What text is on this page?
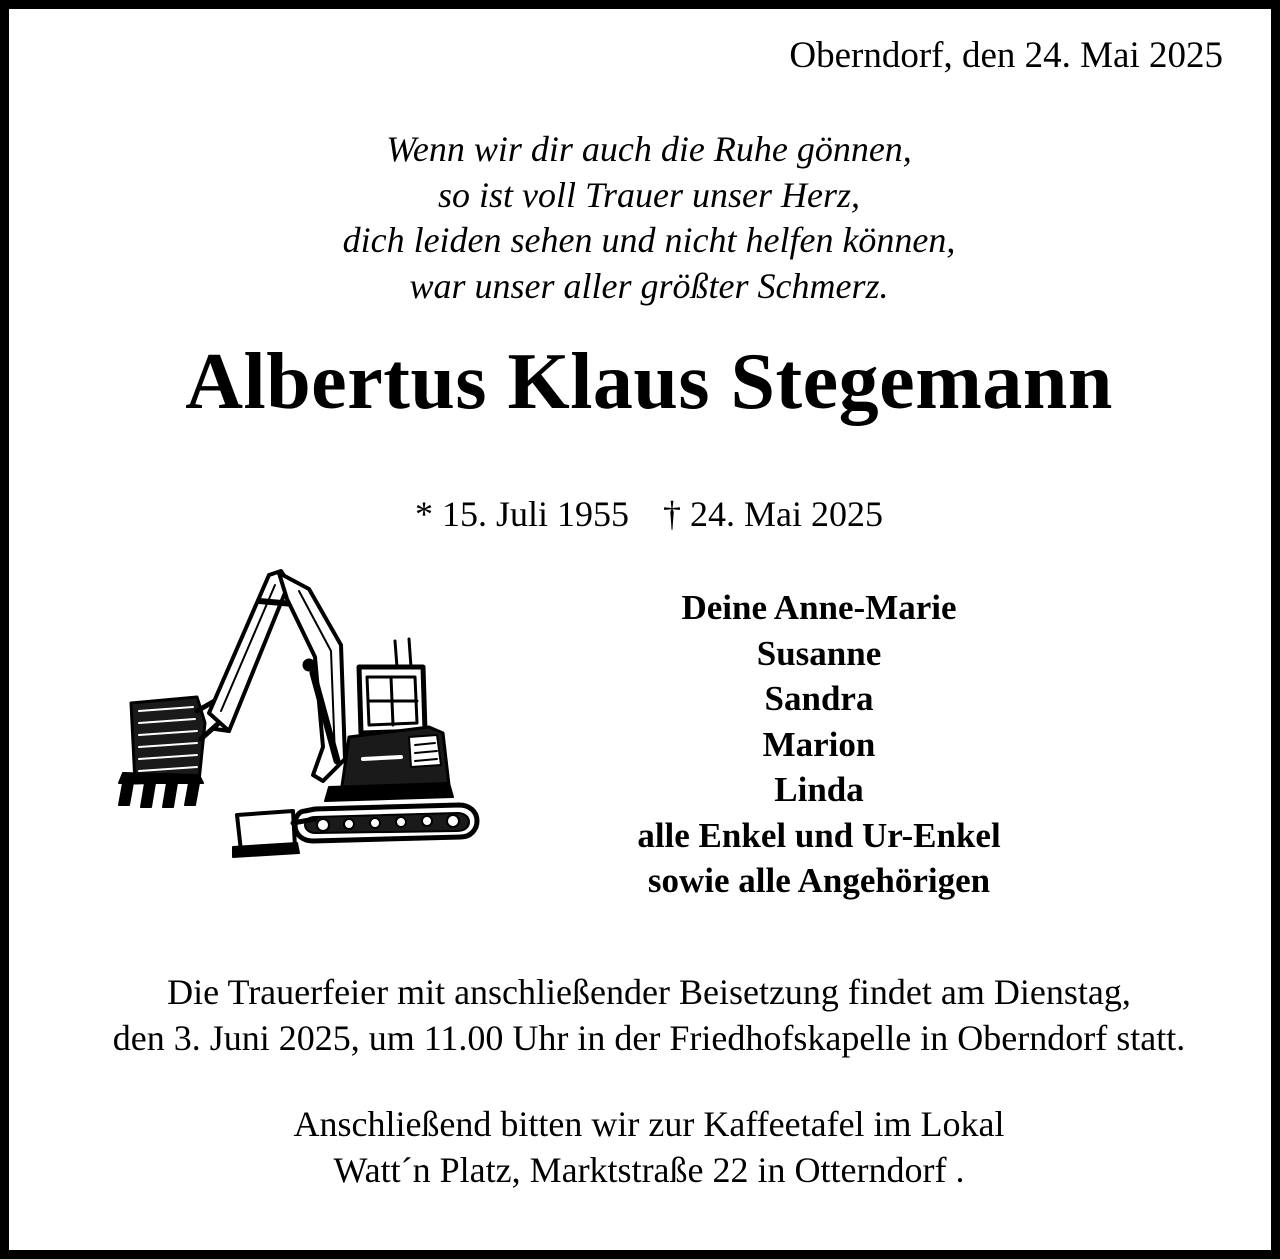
Oberndorf, den 24. Mai 2025
Wenn wir dir auch die Ruhe gönnen,
so ist voll Trauer unser Herz,
dich leiden sehen und nicht helfen können,
war unser aller größter Schmerz.
Albertus Klaus Stegemann
* 15. Juli 1955 † 24. Mai 2025
Deine Anne-Marie
Susanne
Sandra
Marion
Linda
alle Enkel und Ur-Enkel
sowie alle Angehörigen
Die Trauerfeier mit anschließender Beisetzung findet am Dienstag,
den 3. Juni 2025, um 11.00 Uhr in der Friedhofskapelle in Oberndorf statt.
Anschließend bitten wir zur Kaffeetafel im Lokal
Watt´n Platz, Marktstraße 22 in Otterndorf .
